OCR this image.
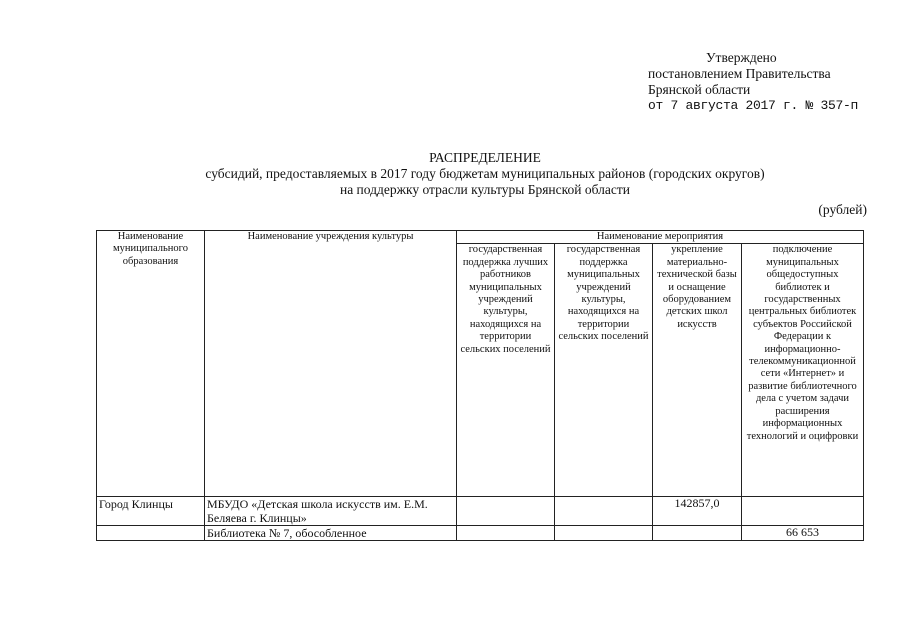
Утверждено
постановлением Правительства
Брянской области
от 7 августа 2017 г. № 357-п
РАСПРЕДЕЛЕНИЕ
субсидий, предоставляемых в 2017 году бюджетам муниципальных районов (городских округов)
на поддержку отрасли культуры Брянской области
(рублей)
Наименование муниципального образования	Наименование учреждения культуры	Наименование мероприятия			
		государственная поддержка лучших работников муниципальных учреждений культуры, находящихся на территории сельских поселений	государственная поддержка муниципальных учреждений культуры, находящихся на территории сельских поселений	укрепление материально-технической базы и оснащение оборудованием детских школ искусств	подключение муниципальных общедоступных библиотек и государственных центральных библиотек субъектов Российской Федерации к информационно-телекоммуникационной сети «Интернет» и развитие библиотечного дела с учетом задачи расширения информационных технологий и оцифровки
Город Клинцы	МБУДО «Детская школа искусств им. Е.М. Беляева г. Клинцы»			142857,0	
	Библиотека № 7, обособленное				66 653
